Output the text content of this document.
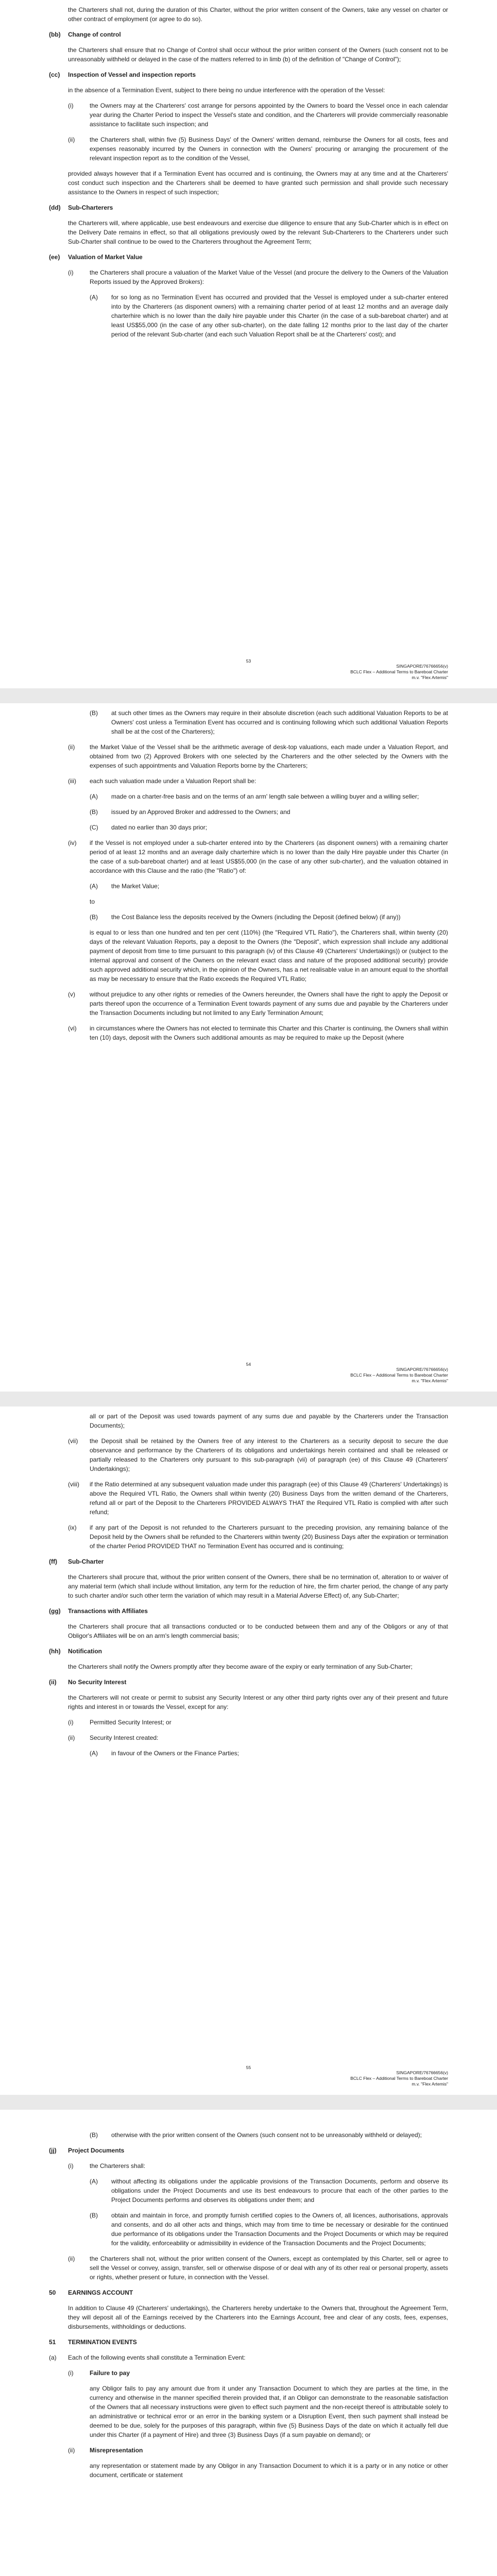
the Charterers shall not, during the duration of this Charter, without the prior written consent of the Owners, take any vessel on charter or other contract of employment (or agree to do so).
(bb)	Change of control
the Charterers shall ensure that no Change of Control shall occur without the prior written consent of the Owners (such consent not to be unreasonably withheld or delayed in the case of the matters referred to in limb (b) of the definition of "Change of Control");
(cc)	Inspection of Vessel and inspection reports
in the absence of a Termination Event, subject to there being no undue interference with the operation of the Vessel:
(i)	the Owners may at the Charterers' cost arrange for persons appointed by the Owners to board the Vessel once in each calendar year during the Charter Period to inspect the Vessel's state and condition, and the Charterers will provide commercially reasonable assistance to facilitate such inspection; and
(ii)	the Charterers shall, within five (5) Business Days' of the Owners' written demand, reimburse the Owners for all costs, fees and expenses reasonably incurred by the Owners in connection with the Owners' procuring or arranging the procurement of the relevant inspection report as to the condition of the Vessel,
provided always however that if a Termination Event has occurred and is continuing, the Owners may at any time and at the Charterers' cost conduct such inspection and the Charterers shall be deemed to have granted such permission and shall provide such necessary assistance to the Owners in respect of such inspection;
(dd)	Sub-Charterers
the Charterers will, where applicable, use best endeavours and exercise due diligence to ensure that any Sub-Charter which is in effect on the Delivery Date remains in effect, so that all obligations previously owed by the relevant Sub-Charterers to the Charterers under such Sub-Charter shall continue to be owed to the Charterers throughout the Agreement Term;
(ee)	Valuation of Market Value
(i)	the Charterers shall procure a valuation of the Market Value of the Vessel (and procure the delivery to the Owners of the Valuation Reports issued by the Approved Brokers):
(A)	for so long as no Termination Event has occurred and provided that the Vessel is employed under a sub-charter entered into by the Charterers (as disponent owners) with a remaining charter period of at least 12 months and an average daily charterhire which is no lower than the daily hire payable under this Charter (in the case of a sub-bareboat charter) and at least US$55,000 (in the case of any other sub-charter), on the date falling 12 months prior to the last day of the charter period of the relevant Sub-charter (and each such Valuation Report shall be at the Charterers' cost); and
53
SINGAPORE/76766656(v)
BCLC Flex – Additional Terms to Bareboat Charter
m.v. "Flex Artemis"
(B)	at such other times as the Owners may require in their absolute discretion (each such additional Valuation Reports to be at Owners' cost unless a Termination Event has occurred and is continuing following which such additional Valuation Reports shall be at the cost of the Charterers);
(ii)	the Market Value of the Vessel shall be the arithmetic average of desk-top valuations, each made under a Valuation Report, and obtained from two (2) Approved Brokers with one selected by the Charterers and the other selected by the Owners with the expenses of such appointments and Valuation Reports borne by the Charterers;
(iii)	each such valuation made under a Valuation Report shall be:
(A)	made on a charter-free basis and on the terms of an arm' length sale between a willing buyer and a willing seller;
(B)	issued by an Approved Broker and addressed to the Owners; and
(C)	dated no earlier than 30 days prior;
(iv)	if the Vessel is not employed under a sub-charter entered into by the Charterers (as disponent owners) with a remaining charter period of at least 12 months and an average daily charterhire which is no lower than the daily Hire payable under this Charter (in the case of a sub-bareboat charter) and at least US$55,000 (in the case of any other sub-charter), and the valuation obtained in accordance with this Clause and the ratio (the "Ratio") of:
(A)	the Market Value;
to
(B)	the Cost Balance less the deposits received by the Owners (including the Deposit (defined below) (if any))
is equal to or less than one hundred and ten per cent (110%) (the "Required VTL Ratio"), the Charterers shall, within twenty (20) days of the relevant Valuation Reports, pay a deposit to the Owners (the "Deposit", which expression shall include any additional payment of deposit from time to time pursuant to this paragraph (iv) of this Clause 49 (Charterers' Undertakings)) or (subject to the internal approval and consent of the Owners on the relevant exact class and nature of the proposed additional security) provide such approved additional security which, in the opinion of the Owners, has a net realisable value in an amount equal to the shortfall as may be necessary to ensure that the Ratio exceeds the Required VTL Ratio;
(v)	without prejudice to any other rights or remedies of the Owners hereunder, the Owners shall have the right to apply the Deposit or parts thereof upon the occurrence of a Termination Event towards payment of any sums due and payable by the Charterers under the Transaction Documents including but not limited to any Early Termination Amount;
(vi)	in circumstances where the Owners has not elected to terminate this Charter and this Charter is continuing, the Owners shall within ten (10) days, deposit with the Owners such additional amounts as may be required to make up the Deposit (where
54
SINGAPORE/76766656(v)
BCLC Flex – Additional Terms to Bareboat Charter
m.v. "Flex Artemis"
all or part of the Deposit was used towards payment of any sums due and payable by the Charterers under the Transaction Documents);
(vii)	the Deposit shall be retained by the Owners free of any interest to the Charterers as a security deposit to secure the due observance and performance by the Charterers of its obligations and undertakings herein contained and shall be released or partially released to the Charterers only pursuant to this sub-paragraph (vii) of paragraph (ee) of this Clause 49 (Charterers' Undertakings);
(viii)	if the Ratio determined at any subsequent valuation made under this paragraph (ee) of this Clause 49 (Charterers' Undertakings) is above the Required VTL Ratio, the Owners shall within twenty (20) Business Days from the written demand of the Charterers, refund all or part of the Deposit to the Charterers PROVIDED ALWAYS THAT the Required VTL Ratio is complied with after such refund;
(ix)	if any part of the Deposit is not refunded to the Charterers pursuant to the preceding provision, any remaining balance of the Deposit held by the Owners shall be refunded to the Charterers within twenty (20) Business Days after the expiration or termination of the charter Period PROVIDED THAT no Termination Event has occurred and is continuing;
(ff)	Sub-Charter
the Charterers shall procure that, without the prior written consent of the Owners, there shall be no termination of, alteration to or waiver of any material term (which shall include without limitation, any term for the reduction of hire, the firm charter period, the change of any party to such charter and/or such other term the variation of which may result in a Material Adverse Effect) of, any Sub-Charter;
(gg)	Transactions with Affiliates
the Charterers shall procure that all transactions conducted or to be conducted between them and any of the Obligors or any of that Obligor's Affiliates will be on an arm's length commercial basis;
(hh)	Notification
the Charterers shall notify the Owners promptly after they become aware of the expiry or early termination of any Sub-Charter;
(ii)	No Security Interest
the Charterers will not create or permit to subsist any Security Interest or any other third party rights over any of their present and future rights and interest in or towards the Vessel, except for any:
(i)	Permitted Security Interest; or
(ii)	Security Interest created:
(A)	in favour of the Owners or the Finance Parties;
55
SINGAPORE/76766656(v)
BCLC Flex – Additional Terms to Bareboat Charter
m.v. "Flex Artemis"
(B)	otherwise with the prior written consent of the Owners (such consent not to be unreasonably withheld or delayed);
(jj)	Project Documents
(i)	the Charterers shall:
(A)	without affecting its obligations under the applicable provisions of the Transaction Documents, perform and observe its obligations under the Project Documents and use its best endeavours to procure that each of the other parties to the Project Documents performs and observes its obligations under them; and
(B)	obtain and maintain in force, and promptly furnish certified copies to the Owners of, all licences, authorisations, approvals and consents, and do all other acts and things, which may from time to time be necessary or desirable for the continued due performance of its obligations under the Transaction Documents and the Project Documents or which may be required for the validity, enforceability or admissibility in evidence of the Transaction Documents and the Project Documents;
(ii)	the Charterers shall not, without the prior written consent of the Owners, except as contemplated by this Charter, sell or agree to sell the Vessel or convey, assign, transfer, sell or otherwise dispose of or deal with any of its other real or personal property, assets or rights, whether present or future, in connection with the Vessel.
50	EARNINGS ACCOUNT
In addition to Clause 49 (Charterers' undertakings), the Charterers hereby undertake to the Owners that, throughout the Agreement Term, they will deposit all of the Earnings received by the Charterers into the Earnings Account, free and clear of any costs, fees, expenses, disbursements, withholdings or deductions.
51	TERMINATION EVENTS
(a)	Each of the following events shall constitute a Termination Event:
(i)	Failure to pay
any Obligor fails to pay any amount due from it under any Transaction Document to which they are parties at the time, in the currency and otherwise in the manner specified therein provided that, if an Obligor can demonstrate to the reasonable satisfaction of the Owners that all necessary instructions were given to effect such payment and the non-receipt thereof is attributable solely to an administrative or technical error or an error in the banking system or a Disruption Event, then such payment shall instead be deemed to be due, solely for the purposes of this paragraph, within five (5) Business Days of the date on which it actually fell due under this Charter (if a payment of Hire) and three (3) Business Days (if a sum payable on demand); or
(ii)	Misrepresentation
any representation or statement made by any Obligor in any Transaction Document to which it is a party or in any notice or other document, certificate or statement
